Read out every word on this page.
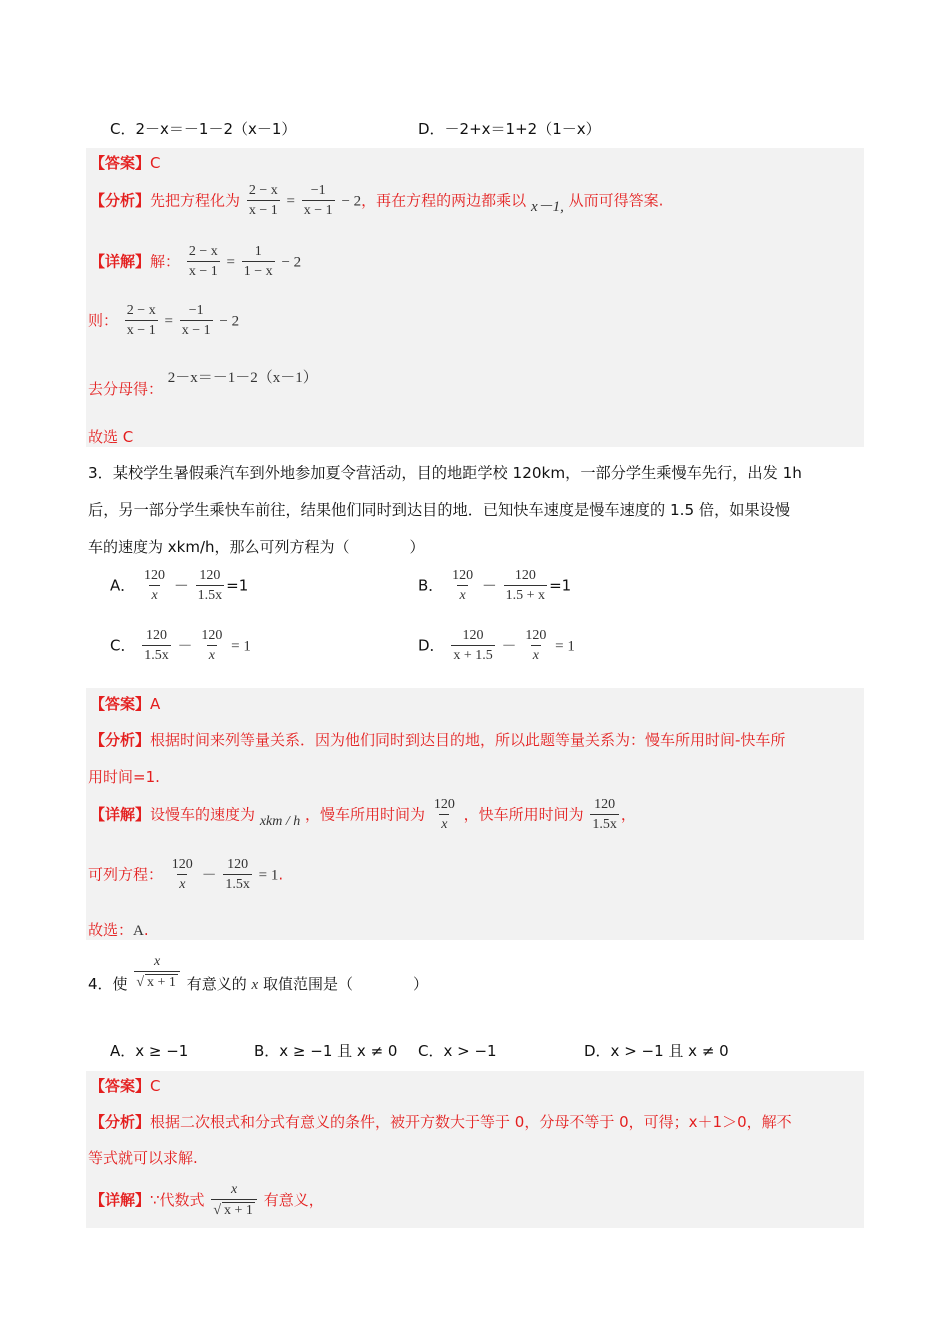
C．2－x＝－1－2（x－1）	D．－2+x＝1+2（1－x）
【答案】C
【分析】先把方程化为 $\frac{2 - x}{x - 1} = \frac{-1}{x - 1} - 2$，再在方程的两边都乘以 x－1, 从而可得答案.
【详解】解： $\frac{2 - x}{x - 1} = \frac{1}{1 - x} - 2$
则： $\frac{2 - x}{x - 1} = \frac{-1}{x - 1} - 2$
去分母得： 2－x＝－1－2（x－1）
故选 C
3．某校学生暑假乘汽车到外地参加夏令营活动，目的地距学校 120km，一部分学生乘慢车先行，出发 1h
后，另一部分学生乘快车前往，结果他们同时到达目的地．已知快车速度是慢车速度的 1.5 倍，如果设慢
车的速度为 xkm/h，那么可列方程为（　　　　）
A． $\frac{120}{x} - \frac{120}{1.5x} =1$	B． $\frac{120}{x} - \frac{120}{1.5 + x} =1$
C． $\frac{120}{1.5x} - \frac{120}{x} = 1$	D． $\frac{120}{x + 1.5} - \frac{120}{x} = 1$
【答案】A
【分析】根据时间来列等量关系．因为他们同时到达目的地，所以此题等量关系为：慢车所用时间-快车所
用时间=1.
【详解】设慢车的速度为 xkm / h ，慢车所用时间为 $\frac{120}{x}$ ，快车所用时间为 $\frac{120}{1.5x}$ ，
可列方程： $\frac{120}{x} - \frac{120}{1.5x} = 1$.
故选：A.
4．使 $\frac{x}{√ x + 1}$ 有意义的 x 取值范围是（　　　　）
A．x ≥ −1	B．x ≥ −1 且 x ≠ 0 C．x > −1	D．x > −1 且 x ≠ 0
【答案】C
【分析】根据二次根式和分式有意义的条件，被开方数大于等于 0，分母不等于 0，可得；x＋1＞0，解不
等式就可以求解.
【详解】∵代数式 $\frac{x}{√ x + 1}$ 有意义，
